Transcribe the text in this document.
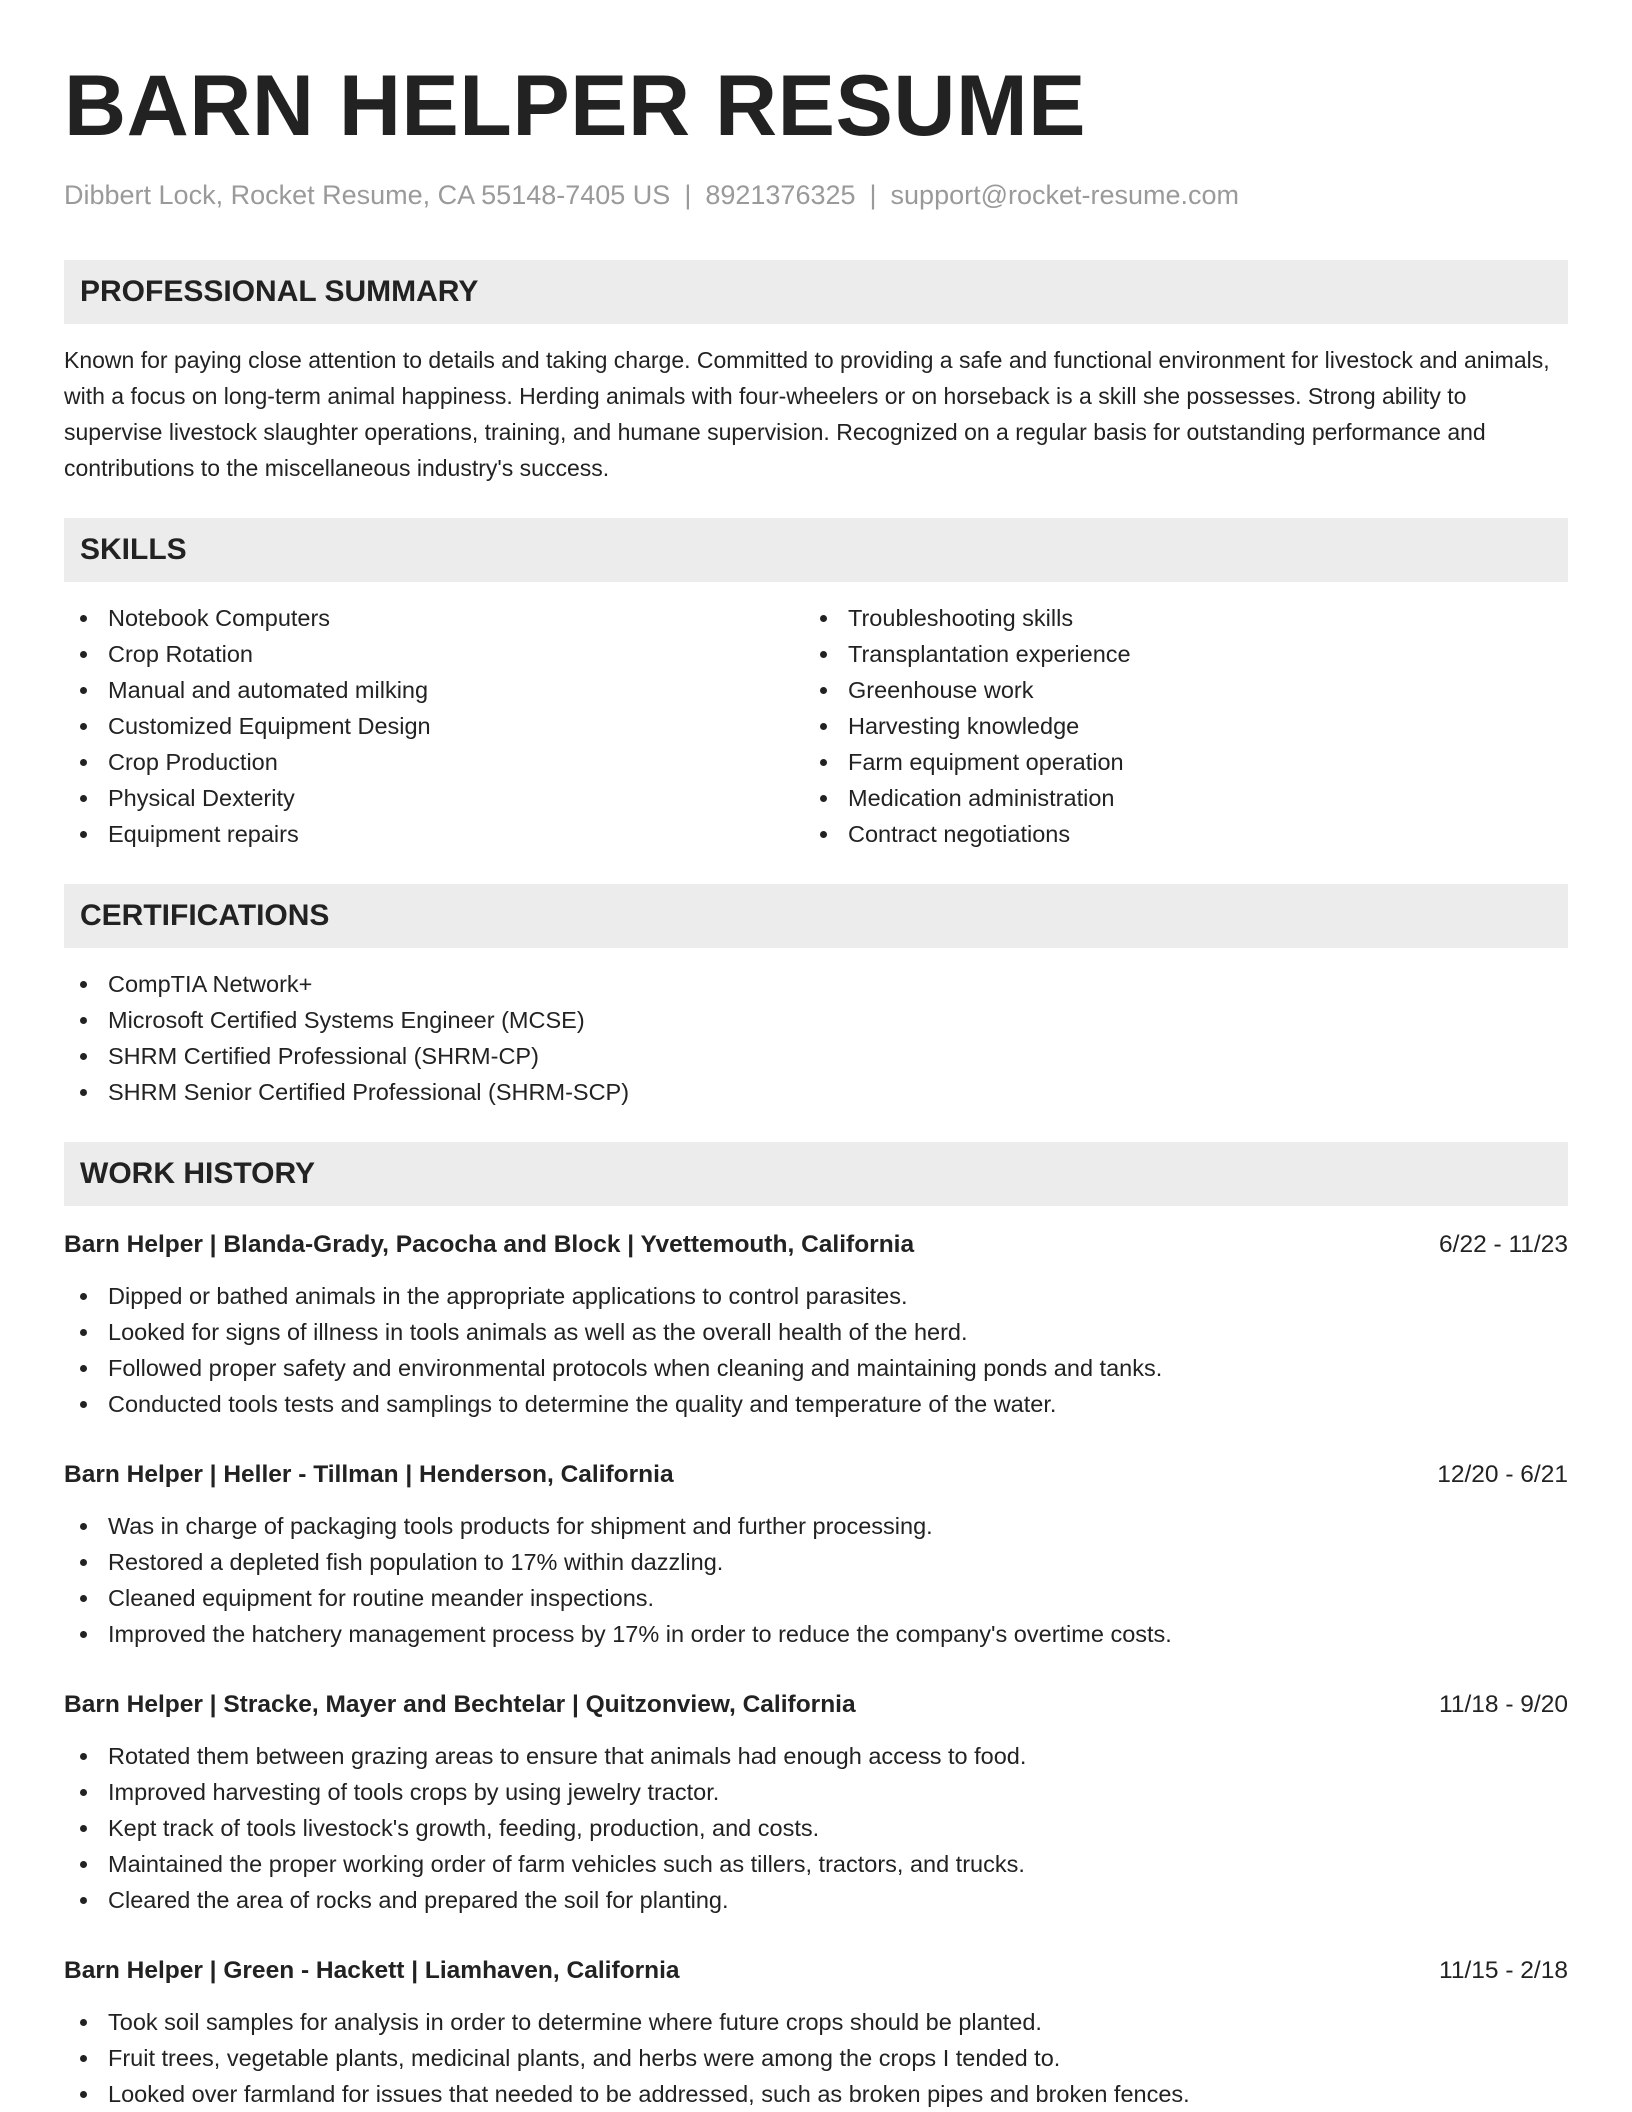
BARN HELPER RESUME
Dibbert Lock, Rocket Resume, CA 55148-7405 US | 8921376325 | support@rocket-resume.com
PROFESSIONAL SUMMARY
Known for paying close attention to details and taking charge. Committed to providing a safe and functional environment for livestock and animals, with a focus on long-term animal happiness. Herding animals with four-wheelers or on horseback is a skill she possesses. Strong ability to supervise livestock slaughter operations, training, and humane supervision. Recognized on a regular basis for outstanding performance and contributions to the miscellaneous industry's success.
SKILLS
Notebook Computers
Crop Rotation
Manual and automated milking
Customized Equipment Design
Crop Production
Physical Dexterity
Equipment repairs
Troubleshooting skills
Transplantation experience
Greenhouse work
Harvesting knowledge
Farm equipment operation
Medication administration
Contract negotiations
CERTIFICATIONS
CompTIA Network+
Microsoft Certified Systems Engineer (MCSE)
SHRM Certified Professional (SHRM-CP)
SHRM Senior Certified Professional (SHRM-SCP)
WORK HISTORY
Barn Helper | Blanda-Grady, Pacocha and Block | Yvettemouth, California	6/22 - 11/23
Dipped or bathed animals in the appropriate applications to control parasites.
Looked for signs of illness in tools animals as well as the overall health of the herd.
Followed proper safety and environmental protocols when cleaning and maintaining ponds and tanks.
Conducted tools tests and samplings to determine the quality and temperature of the water.
Barn Helper | Heller - Tillman | Henderson, California	12/20 - 6/21
Was in charge of packaging tools products for shipment and further processing.
Restored a depleted fish population to 17% within dazzling.
Cleaned equipment for routine meander inspections.
Improved the hatchery management process by 17% in order to reduce the company's overtime costs.
Barn Helper | Stracke, Mayer and Bechtelar | Quitzonview, California	11/18 - 9/20
Rotated them between grazing areas to ensure that animals had enough access to food.
Improved harvesting of tools crops by using jewelry tractor.
Kept track of tools livestock's growth, feeding, production, and costs.
Maintained the proper working order of farm vehicles such as tillers, tractors, and trucks.
Cleared the area of rocks and prepared the soil for planting.
Barn Helper | Green - Hackett | Liamhaven, California	11/15 - 2/18
Took soil samples for analysis in order to determine where future crops should be planted.
Fruit trees, vegetable plants, medicinal plants, and herbs were among the crops I tended to.
Looked over farmland for issues that needed to be addressed, such as broken pipes and broken fences.
